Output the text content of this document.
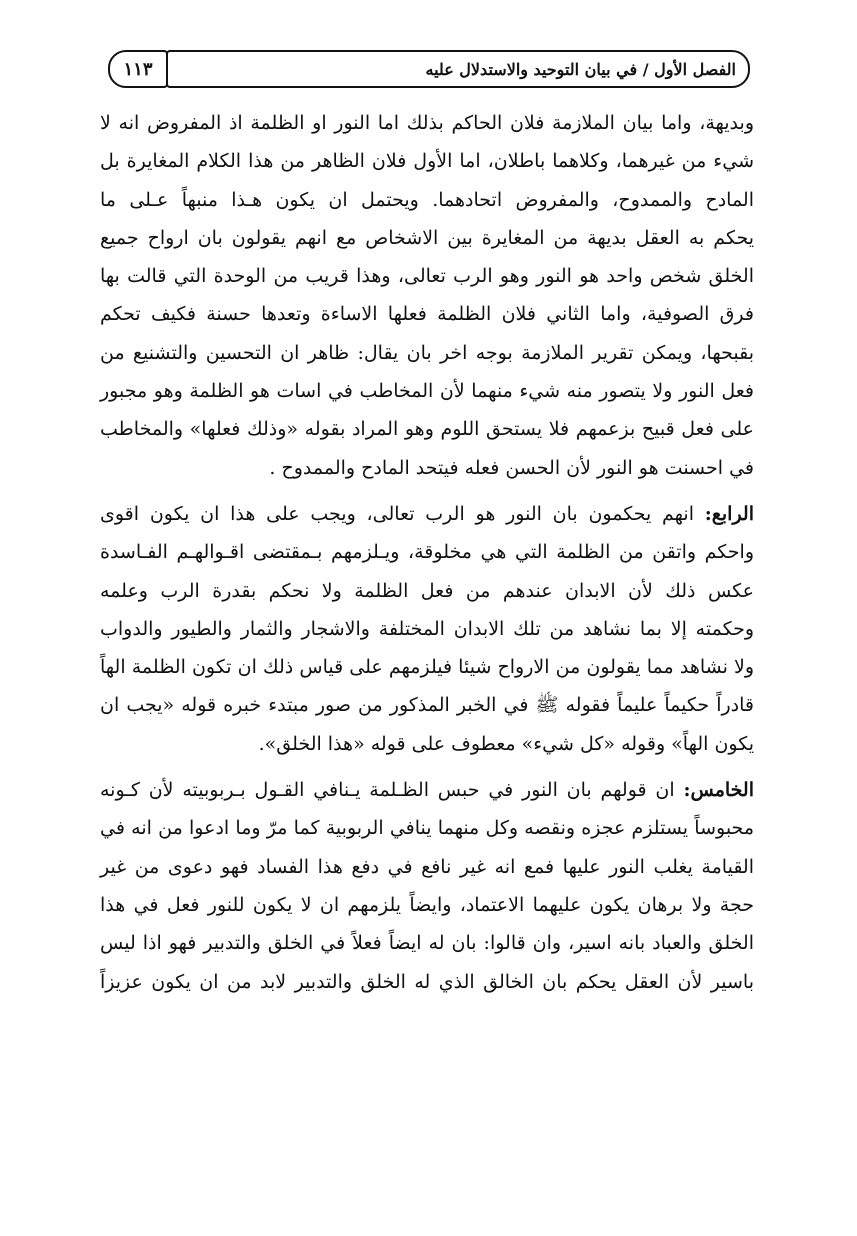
١١٣	الفصل الأول / في بيان التوحيد والاستدلال عليه
وبديهة، واما بيان الملازمة فلان الحاكم بذلك اما النور او الظلمة اذ المفروض انه لا
شيء من غيرهما، وكلاهما باطلان، اما الأول فلان الظاهر من هذا الكلام المغايرة بل
المادح والممدوح، والمفروض اتحادهما. ويحتمل ان يكون هـذا منبهاً عـلى ما
يحكم به العقل بديهة من المغايرة بين الاشخاص مع انهم يقولون بان ارواح جميع
الخلق شخص واحد هو النور وهو الرب تعالى، وهذا قريب من الوحدة التي قالت بها
فرق الصوفية، واما الثاني فلان الظلمة فعلها الاساءة وتعدها حسنة فكيف تحكم
بقبحها، ويمكن تقرير الملازمة بوجه اخر بان يقال: ظاهر ان التحسين والتشنيع من
فعل النور ولا يتصور منه شيء منهما لأن المخاطب في اسات هو الظلمة وهو مجبور
على فعل قبيح بزعمهم فلا يستحق اللوم وهو المراد بقوله «وذلك فعلها» والمخاطب
في احسنت هو النور لأن الحسن فعله فيتحد المادح والممدوح .
الرابع: انهم يحكمون بان النور هو الرب تعالى، ويجب على هذا ان يكون اقوى
واحكم واتقن من الظلمة التي هي مخلوقة، ويـلزمهم بـمقتضى اقـوالهـم الفـاسدة
عكس ذلك لأن الابدان عندهم من فعل الظلمة ولا نحكم بقدرة الرب وعلمه
وحكمته إلا بما نشاهد من تلك الابدان المختلفة والاشجار والثمار والطيور والدواب
ولا نشاهد مما يقولون من الارواح شيئا فيلزمهم على قياس ذلك ان تكون الظلمة الهاً
قادراً حكيماً عليماً فقوله ﷺ في الخبر المذكور من صور مبتدء خبره قوله «يجب ان
يكون الهاً» وقوله «كل شيء» معطوف على قوله «هذا الخلق».
الخامس: ان قولهم بان النور في حبس الظـلمة يـنافي القـول بـربوبيته لأن كـونه
محبوساً يستلزم عجزه ونقصه وكل منهما ينافي الربوبية كما مرّ وما ادعوا من انه في
القيامة يغلب النور عليها فمع انه غير نافع في دفع هذا الفساد فهو دعوى من غير
حجة ولا برهان يكون عليهما الاعتماد، وايضاً يلزمهم ان لا يكون للنور فعل في هذا
الخلق والعباد بانه اسير، وان قالوا: بان له ايضاً فعلاً في الخلق والتدبير فهو اذا ليس
باسير لأن العقل يحكم بان الخالق الذي له الخلق والتدبير لابد من ان يكون عزيزاً
